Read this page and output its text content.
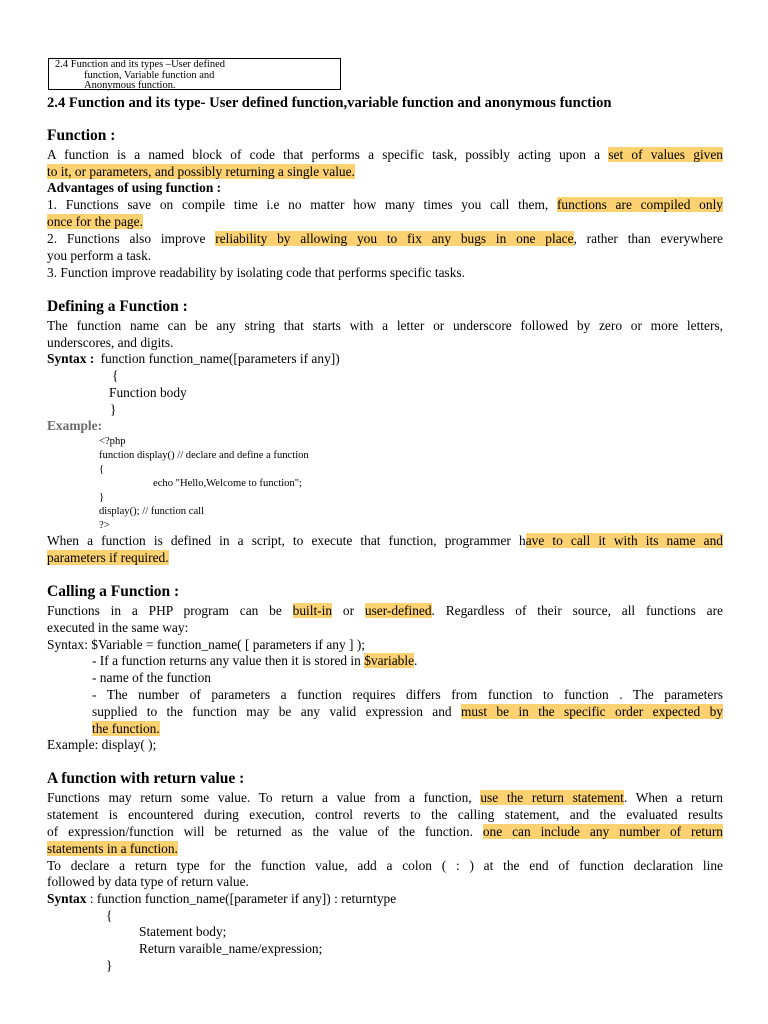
2.4 Function and its types –User defined
function, Variable function and
Anonymous function.
2.4 Function and its type- User defined function,variable function and anonymous function
Function :
A function is a named block of code that performs a specific task, possibly acting upon a set of values given
to it, or parameters, and possibly returning a single value.
Advantages of using function :
1. Functions save on compile time i.e no matter how many times you call them, functions are compiled only
once for the page.
2. Functions also improve reliability by allowing you to fix any bugs in one place, rather than everywhere
you perform a task.
3. Function improve readability by isolating code that performs specific tasks.
Defining a Function :
The function name can be any string that starts with a letter or underscore followed by zero or more letters,
underscores, and digits.
Syntax : function function_name([parameters if any])
{
Function body
}
Example:
<?php
function display() // declare and define a function
{
echo "Hello,Welcome to function";
}
display(); // function call
?>
When a function is defined in a script, to execute that function, programmer have to call it with its name and
parameters if required.
Calling a Function :
Functions in a PHP program can be built-in or user-defined. Regardless of their source, all functions are
executed in the same way:
Syntax: $Variable = function_name( [ parameters if any ] );
- If a function returns any value then it is stored in $variable.
- name of the function
- The number of parameters a function requires differs from function to function . The parameters
supplied to the function may be any valid expression and must be in the specific order expected by
the function.
Example: display( );
A function with return value :
Functions may return some value. To return a value from a function, use the return statement. When a return
statement is encountered during execution, control reverts to the calling statement, and the evaluated results
of expression/function will be returned as the value of the function. one can include any number of return
statements in a function.
To declare a return type for the function value, add a colon ( : ) at the end of function declaration line
followed by data type of return value.
Syntax : function function_name([parameter if any]) : returntype
{
Statement body;
Return varaible_name/expression;
}
